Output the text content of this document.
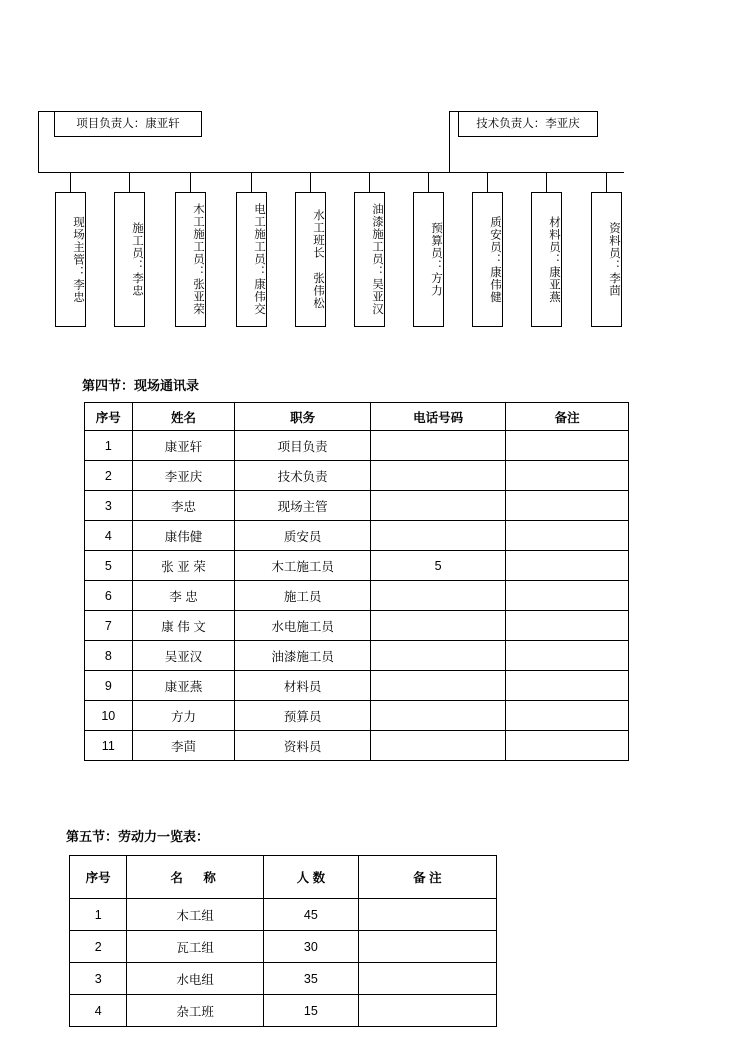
项目负责人：康亚轩	技术负责人：李亚庆
现场主管：李忠	施工员：李忠	木工施工员：张亚荣	电工施工员：康伟交	水工班长 张伟松	油漆施工员：吴亚汉	预算员：方力	质安员：康伟健	材料员：康亚燕	资料员：李茴
第四节：现场通讯录
序号	姓名	职务	电话号码	备注
1	康亚轩	项目负责		
2	李亚庆	技术负责		
3	李忠	现场主管		
4	康伟健	质安员		
5	张 亚 荣	木工施工员	5	
6	李 忠	施工员		
7	康 伟 文	水电施工员		
8	吴亚汉	油漆施工员		
9	康亚燕	材料员		
10	方力	预算员		
11	李茴	资料员		
第五节：劳动力一览表：
序号	名　称	人 数	备 注
1	木工组	45	
2	瓦工组	30	
3	水电组	35	
4	杂工班	15	
